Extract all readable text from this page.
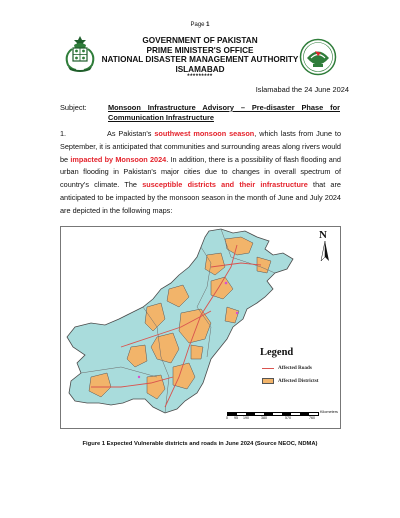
Page 1
GOVERNMENT OF PAKISTAN
PRIME MINISTER'S OFFICE
NATIONAL DISASTER MANAGEMENT AUTHORITY
ISLAMABAD
*********
Islamabad the 24 June 2024
Subject:	Monsoon Infrastructure Advisory – Pre-disaster Phase for Communication Infrastructure
1.	As Pakistan's southwest monsoon season, which lasts from June to September, it is anticipated that communities and surrounding areas along rivers would be impacted by Monsoon 2024. In addition, there is a possibility of flash flooding and urban flooding in Pakistan's major cities due to changes in overall spectrum of country's climate. The susceptible districts and their infrastructure that are anticipated to be impacted by the monsoon season in the month of June and July 2024 are depicted in the following maps:
N
Legend
Affected Roads
Affected Districtst
Kilometers
0 95 190	380	570	760
Figure 1 Expected Vulnerable districts and roads in June 2024 (Source NEOC, NDMA)
